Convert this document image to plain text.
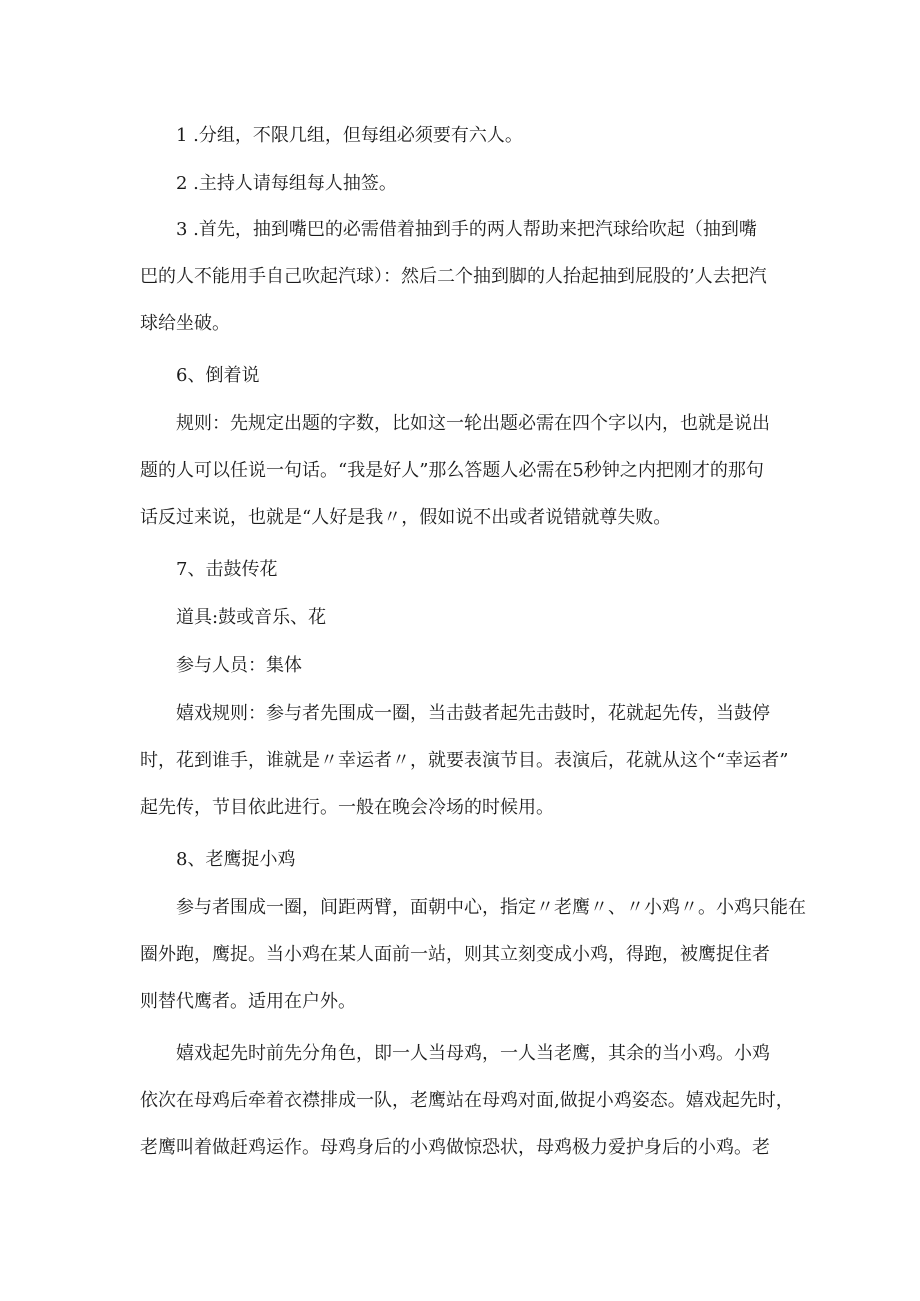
1 .分组，不限几组，但每组必须要有六人。

2 .主持人请每组每人抽签。

3 .首先，抽到嘴巴的必需借着抽到手的两人帮助来把汽球给吹起（抽到嘴
巴的人不能用手自己吹起汽球）：然后二个抽到脚的人抬起抽到屁股的’人去把汽
球给坐破。

6、倒着说

规则：先规定出题的字数，比如这一轮出题必需在四个字以内，也就是说出
题的人可以任说一句话。“我是好人”那么答题人必需在5秒钟之内把刚才的那句
话反过来说，也就是“人好是我〃，假如说不出或者说错就尊失败。

7、击鼓传花

道具:鼓或音乐、花

参与人员：集体

嬉戏规则：参与者先围成一圈，当击鼓者起先击鼓时，花就起先传，当鼓停
时，花到谁手，谁就是〃幸运者〃，就要表演节目。表演后，花就从这个“幸运者”
起先传，节目依此进行。一般在晚会冷场的时候用。

8、老鹰捉小鸡

参与者围成一圈，间距两臂，面朝中心，指定〃老鹰〃、〃小鸡〃。小鸡只能在
圈外跑，鹰捉。当小鸡在某人面前一站，则其立刻变成小鸡，得跑，被鹰捉住者
则替代鹰者。适用在户外。

嬉戏起先时前先分角色，即一人当母鸡，一人当老鹰，其余的当小鸡。小鸡
依次在母鸡后牵着衣襟排成一队，老鹰站在母鸡对面,做捉小鸡姿态。嬉戏起先时，
老鹰叫着做赶鸡运作。母鸡身后的小鸡做惊恐状，母鸡极力爱护身后的小鸡。老
